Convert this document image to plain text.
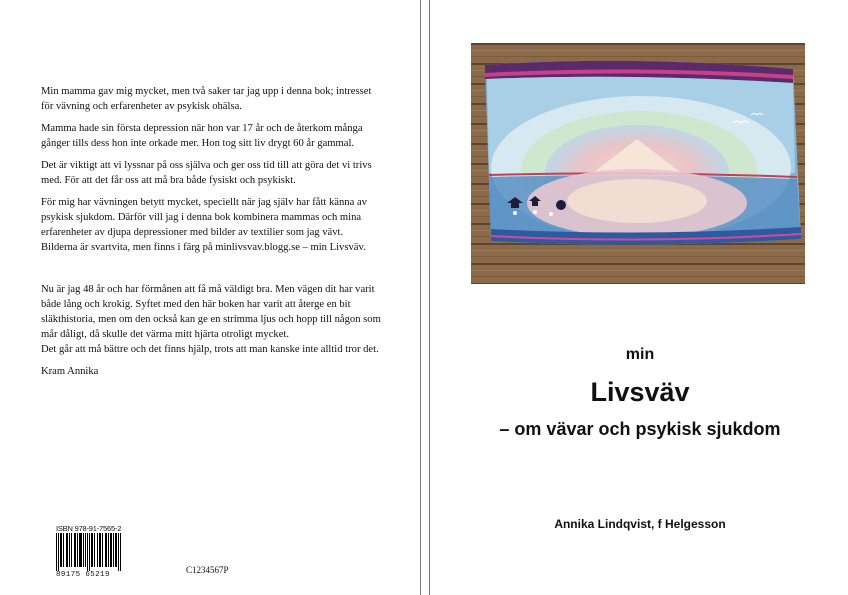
Min mamma gav mig mycket, men två saker tar jag upp i denna bok; intresset för vävning och erfarenheter av psykisk ohälsa.

Mamma hade sin första depression när hon var 17 år och de återkom många gånger tills dess hon inte orkade mer. Hon tog sitt liv drygt 60 år gammal.

Det är viktigt att vi lyssnar på oss själva och ger oss tid till att göra det vi trivs med. För att det får oss att må bra både fysiskt och psykiskt.

För mig har vävningen betytt mycket, speciellt när jag själv har fått känna av psykisk sjukdom. Därför vill jag i denna bok kombinera mammas och mina erfarenheter av djupa depressioner med bilder av textilier som jag vävt. Bilderna är svartvita, men finns i färg på minlivsvav.blogg.se – min Livsväv.

Nu är jag 48 år och har förmånen att få må väldigt bra. Men vägen dit har varit både lång och krokig. Syftet med den här boken har varit att återge en bit släkthistoria, men om den också kan ge en strimma ljus och hopp till någon som mår dåligt, då skulle det värma mitt hjärta otroligt mycket.
Det går att må bättre och det finns hjälp, trots att man kanske inte alltid tror det.

Kram Annika

ISBN 978-91-7565-2
89175 65219	C1234567P
min
Livsväv
– om vävar och psykisk sjukdom
Annika Lindqvist, f Helgesson
